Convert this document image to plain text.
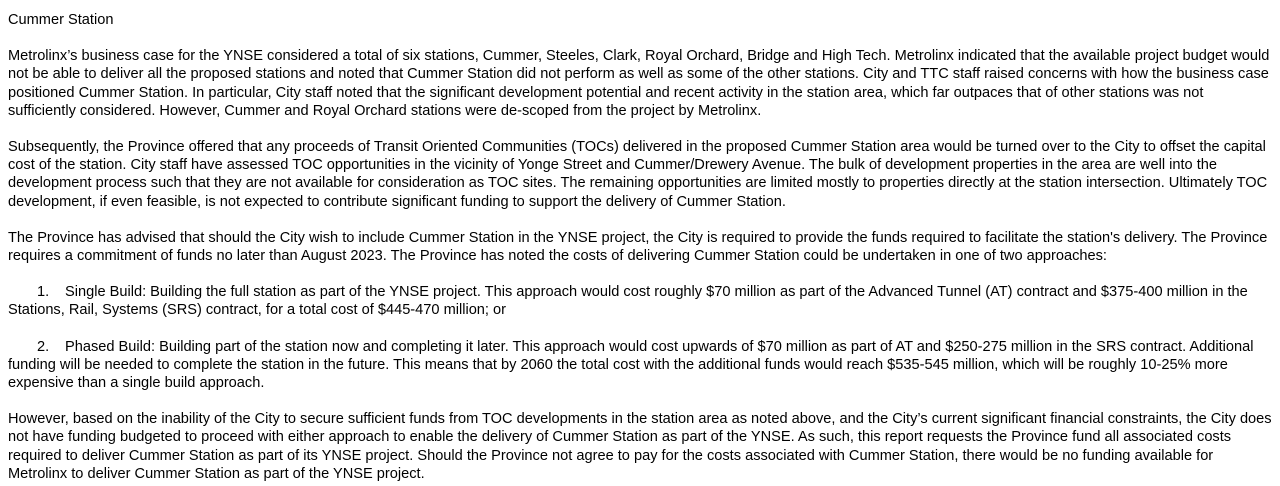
Cummer Station

Metrolinx’s business case for the YNSE considered a total of six stations, Cummer, Steeles, Clark, Royal Orchard, Bridge and High Tech. Metrolinx indicated that the available project budget would not be able to deliver all the proposed stations and noted that Cummer Station did not perform as well as some of the other stations. City and TTC staff raised concerns with how the business case positioned Cummer Station. In particular, City staff noted that the significant development potential and recent activity in the station area, which far outpaces that of other stations was not sufficiently considered. However, Cummer and Royal Orchard stations were de-scoped from the project by Metrolinx.

Subsequently, the Province offered that any proceeds of Transit Oriented Communities (TOCs) delivered in the proposed Cummer Station area would be turned over to the City to offset the capital cost of the station. City staff have assessed TOC opportunities in the vicinity of Yonge Street and Cummer/Drewery Avenue. The bulk of development properties in the area are well into the development process such that they are not available for consideration as TOC sites. The remaining opportunities are limited mostly to properties directly at the station intersection. Ultimately TOC development, if even feasible, is not expected to contribute significant funding to support the delivery of Cummer Station.

The Province has advised that should the City wish to include Cummer Station in the YNSE project, the City is required to provide the funds required to facilitate the station's delivery. The Province requires a commitment of funds no later than August 2023. The Province has noted the costs of delivering Cummer Station could be undertaken in one of two approaches:

1. Single Build: Building the full station as part of the YNSE project. This approach would cost roughly $70 million as part of the Advanced Tunnel (AT) contract and $375-400 million in the Stations, Rail, Systems (SRS) contract, for a total cost of $445-470 million; or
2. Phased Build: Building part of the station now and completing it later. This approach would cost upwards of $70 million as part of AT and $250-275 million in the SRS contract. Additional funding will be needed to complete the station in the future. This means that by 2060 the total cost with the additional funds would reach $535-545 million, which will be roughly 10-25% more expensive than a single build approach.

However, based on the inability of the City to secure sufficient funds from TOC developments in the station area as noted above, and the City’s current significant financial constraints, the City does not have funding budgeted to proceed with either approach to enable the delivery of Cummer Station as part of the YNSE. As such, this report requests the Province fund all associated costs required to deliver Cummer Station as part of its YNSE project. Should the Province not agree to pay for the costs associated with Cummer Station, there would be no funding available for Metrolinx to deliver Cummer Station as part of the YNSE project.
